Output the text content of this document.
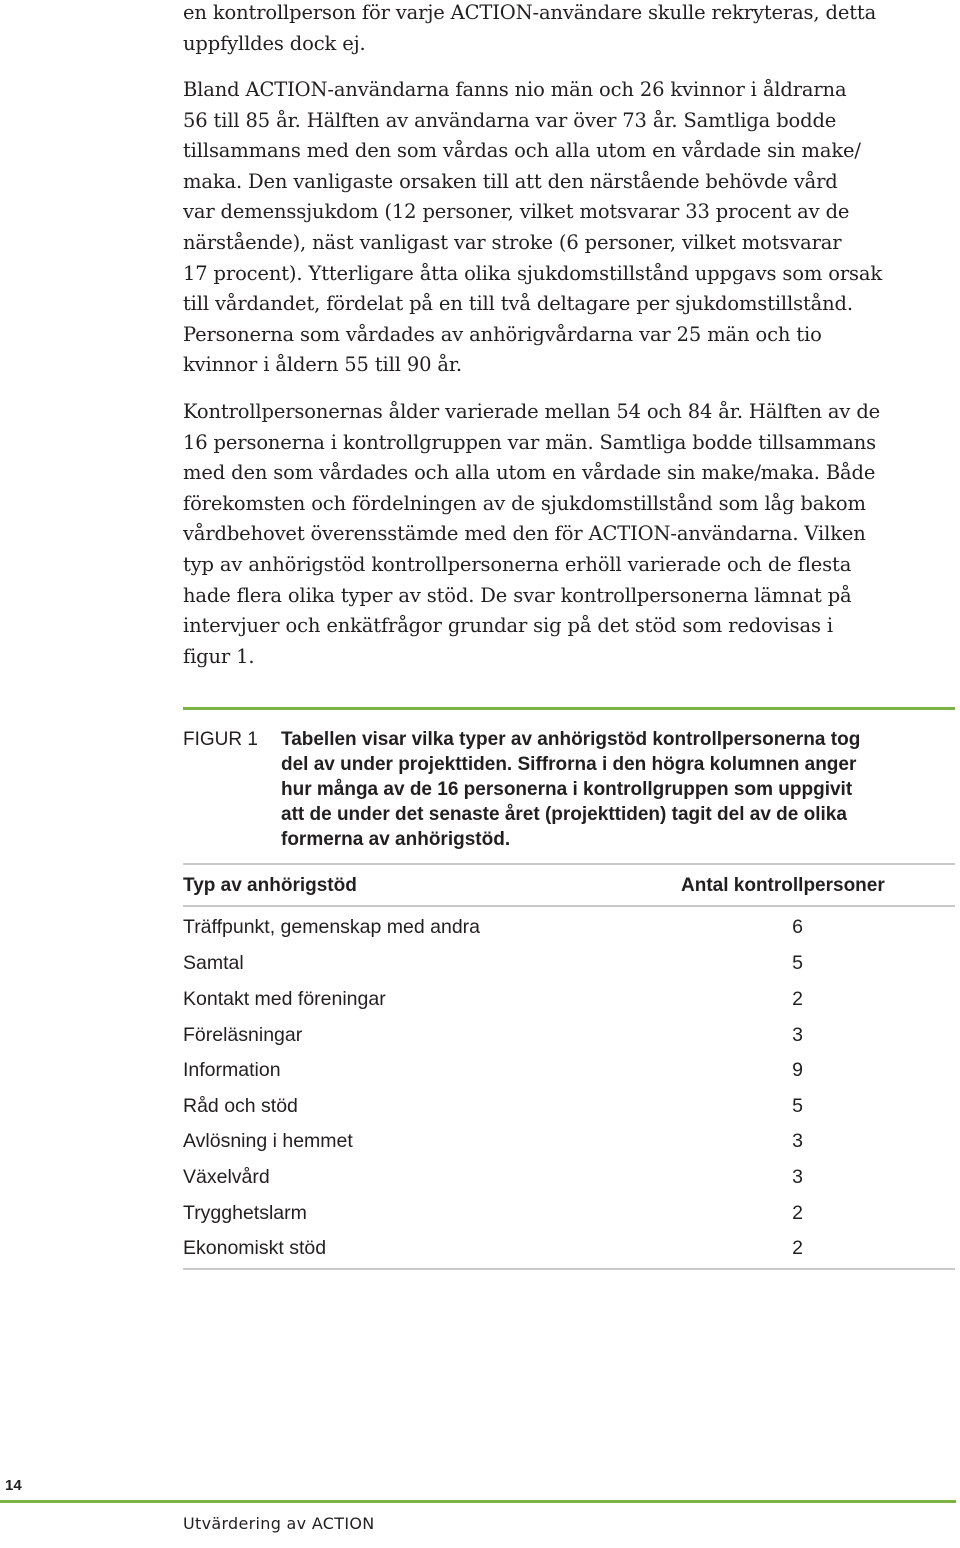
en kontrollperson för varje ACTION-användare skulle rekryteras, detta
uppfylldes dock ej.
Bland ACTION-användarna fanns nio män och 26 kvinnor i åldrarna
56 till 85 år. Hälften av användarna var över 73 år. Samtliga bodde
tillsammans med den som vårdas och alla utom en vårdade sin make/
maka. Den vanligaste orsaken till att den närstående behövde vård
var demenssjukdom (12 personer, vilket motsvarar 33 procent av de
närstående), näst vanligast var stroke (6 personer, vilket motsvarar
17 procent). Ytterligare åtta olika sjukdomstillstånd uppgavs som orsak
till vårdandet, fördelat på en till två deltagare per sjukdomstillstånd.
Personerna som vårdades av anhörigvårdarna var 25 män och tio
kvinnor i åldern 55 till 90 år.
Kontrollpersonernas ålder varierade mellan 54 och 84 år. Hälften av de
16 personerna i kontrollgruppen var män. Samtliga bodde tillsammans
med den som vårdades och alla utom en vårdade sin make/maka. Både
förekomsten och fördelningen av de sjukdomstillstånd som låg bakom
vårdbehovet överensstämde med den för ACTION-användarna. Vilken
typ av anhörigstöd kontrollpersonerna erhöll varierade och de flesta
hade flera olika typer av stöd. De svar kontrollpersonerna lämnat på
intervjuer och enkätfrågor grundar sig på det stöd som redovisas i
figur 1.
FIGUR 1 Tabellen visar vilka typer av anhörigstöd kontrollpersonerna tog
del av under projekttiden. Siffrorna i den högra kolumnen anger
hur många av de 16 personerna i kontrollgruppen som uppgivit
att de under det senaste året (projekttiden) tagit del av de olika
formerna av anhörigstöd.
Typ av anhörigstöd	Antal kontrollpersoner
Träffpunkt, gemenskap med andra	6
Samtal	5
Kontakt med föreningar	2
Föreläsningar	3
Information	9
Råd och stöd	5
Avlösning i hemmet	3
Växelvård	3
Trygghetslarm	2
Ekonomiskt stöd	2
14
Utvärdering av ACTION
